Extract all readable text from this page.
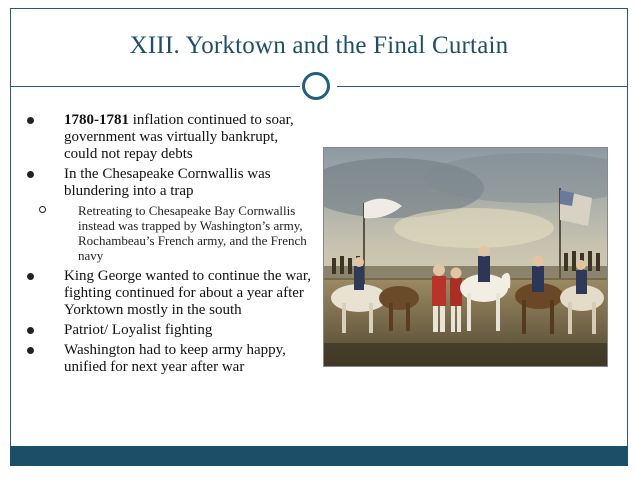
XIII. Yorktown and the Final Curtain
1780-1781 inflation continued to soar, government was virtually bankrupt, could not repay debts
In the Chesapeake Cornwallis was blundering into a trap
Retreating to Chesapeake Bay Cornwallis instead was trapped by Washington’s army, Rochambeau’s French army, and the French navy
King George wanted to continue the war, fighting continued for about a year after Yorktown mostly in the south
Patriot/ Loyalist fighting
Washington had to keep army happy, unified for next year after war
